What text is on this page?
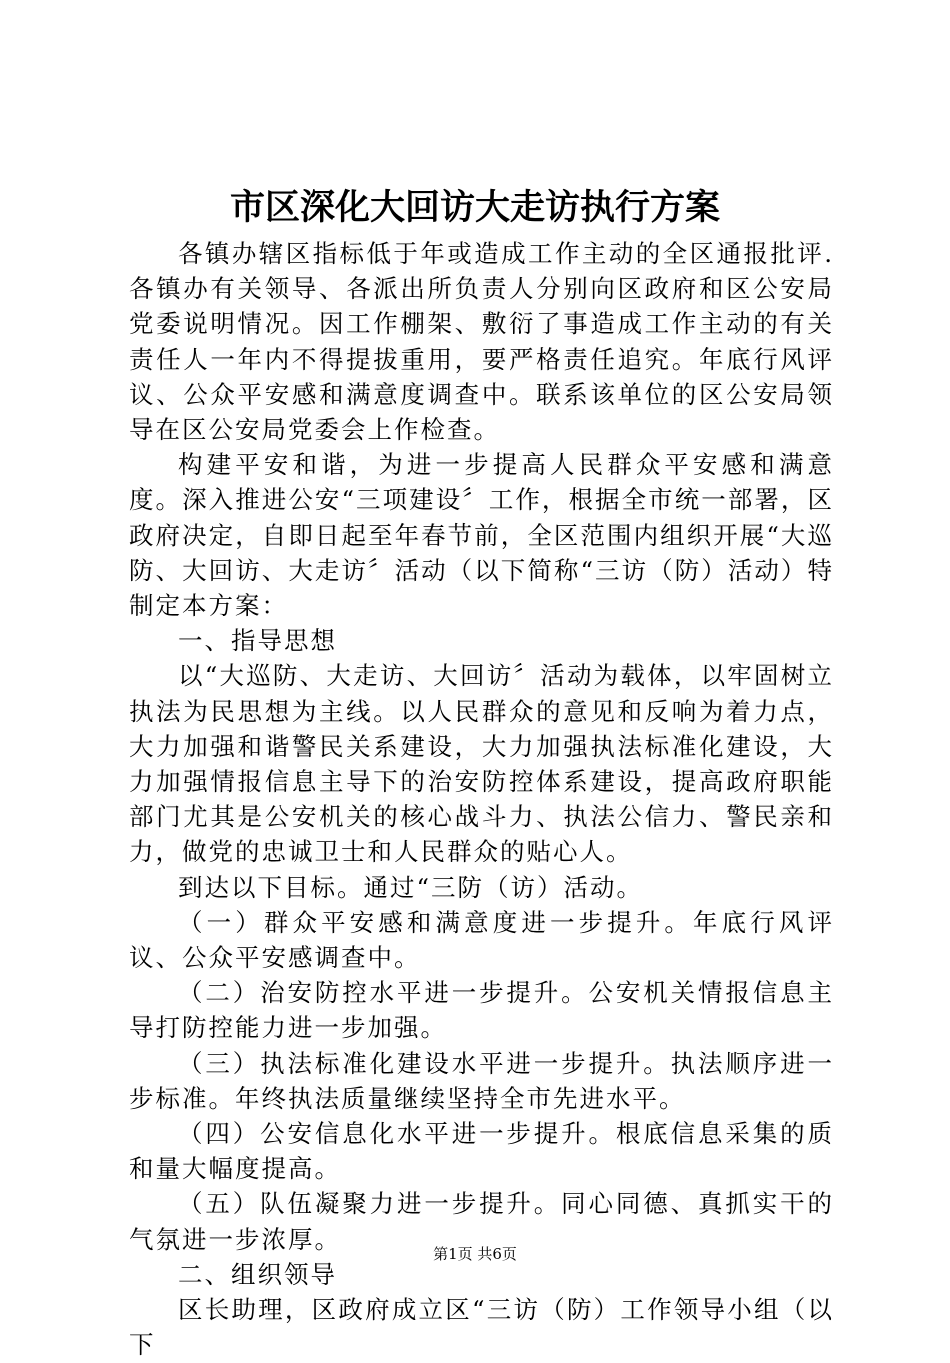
市区深化大回访大走访执行方案

各镇办辖区指标低于年或造成工作主动的全区通报批评.各镇办有关领导、各派出所负责人分别向区政府和区公安局党委说明情况。因工作棚架、敷衍了事造成工作主动的有关责任人一年内不得提拔重用，要严格责任追究。年底行风评议、公众平安感和满意度调查中。联系该单位的区公安局领导在区公安局党委会上作检查。

构建平安和谐，为进一步提高人民群众平安感和满意度。深入推进公安“三项建设〞工作，根据全市统一部署，区政府决定，自即日起至年春节前，全区范围内组织开展“大巡防、大回访、大走访〞活动（以下简称“三访（防）活动）特制定本方案：

一、指导思想

以“大巡防、大走访、大回访〞活动为载体，以牢固树立执法为民思想为主线。以人民群众的意见和反响为着力点，大力加强和谐警民关系建设，大力加强执法标准化建设，大力加强情报信息主导下的治安防控体系建设，提高政府职能部门尤其是公安机关的核心战斗力、执法公信力、警民亲和力，做党的忠诚卫士和人民群众的贴心人。

到达以下目标。通过“三防（访）活动。

（一）群众平安感和满意度进一步提升。年底行风评议、公众平安感调查中。

（二）治安防控水平进一步提升。公安机关情报信息主导打防控能力进一步加强。

（三）执法标准化建设水平进一步提升。执法顺序进一步标准。年终执法质量继续坚持全市先进水平。

（四）公安信息化水平进一步提升。根底信息采集的质和量大幅度提高。

（五）队伍凝聚力进一步提升。同心同德、真抓实干的气氛进一步浓厚。

二、组织领导

区长助理，区政府成立区“三访（防）工作领导小组（以下

第1页 共6页
